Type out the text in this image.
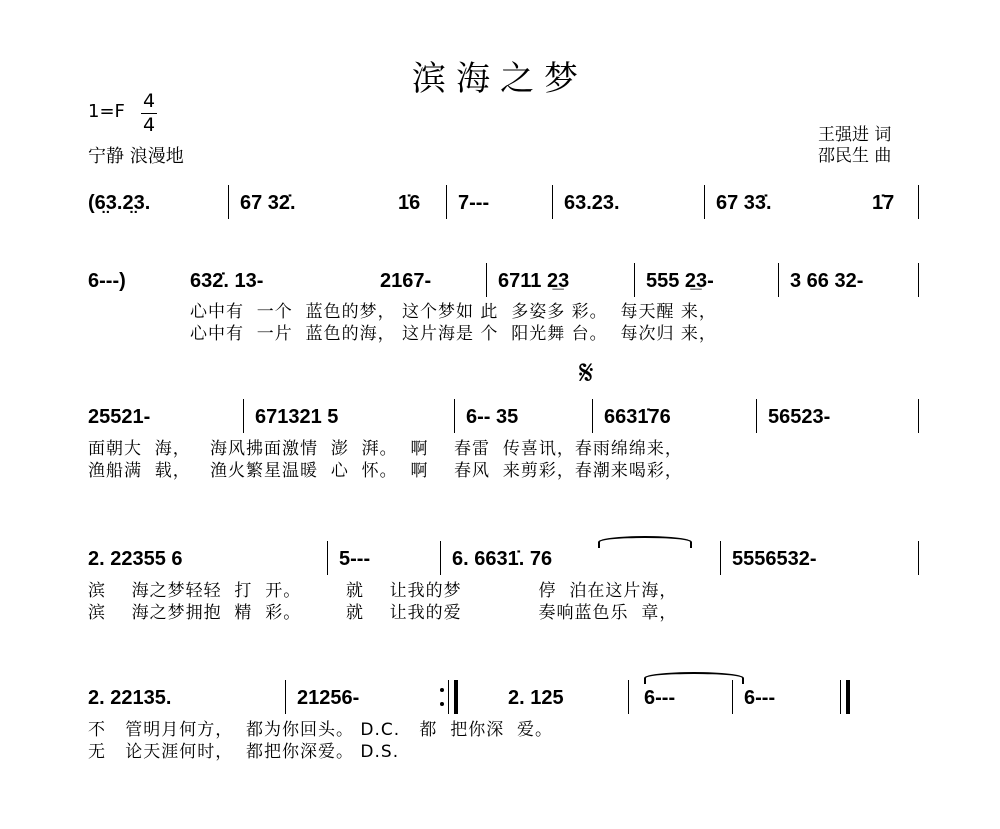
滨海之梦
1=F 4
4
宁静 浪漫地
王强进 词
邵民生 曲
(6̤3.2̤3.	67 32̇.	1̇6 7---	63.23.	67 33̇.	1̇7
6---)	632̇. 13-	2167-	6711 2̲3	555 2̲3-	3 66 32-
心中有  一个  蓝色的梦， 这个梦如 此  多姿多 彩。  每天醒 来，
心中有  一片  蓝色的海， 这片海是 个  阳光舞 台。  每次归 来，
𝄋
25521-	671321 5	6-- 35	6631̇76	56523-
面朝大  海，   海风拂面激情  澎  湃。  啊    春雷  传喜讯，春雨绵绵来，
渔船满  载，   渔火繁星温暖  心  怀。  啊    春风  来剪彩，春潮来喝彩，
2. 22355 6	5---	6. 6631̇. 76	5556532-
滨    海之梦轻轻  打  开。       就    让我的梦            停  泊在这片海，
滨    海之梦拥抱  精  彩。       就    让我的爱            奏响蓝色乐  章，
2. 22135.	21256-	2. 125	6---	6---
不   管明月何方，  都为你回头。 D.C.   都  把你深  爱。
无   论天涯何时，  都把你深爱。 D.S.
